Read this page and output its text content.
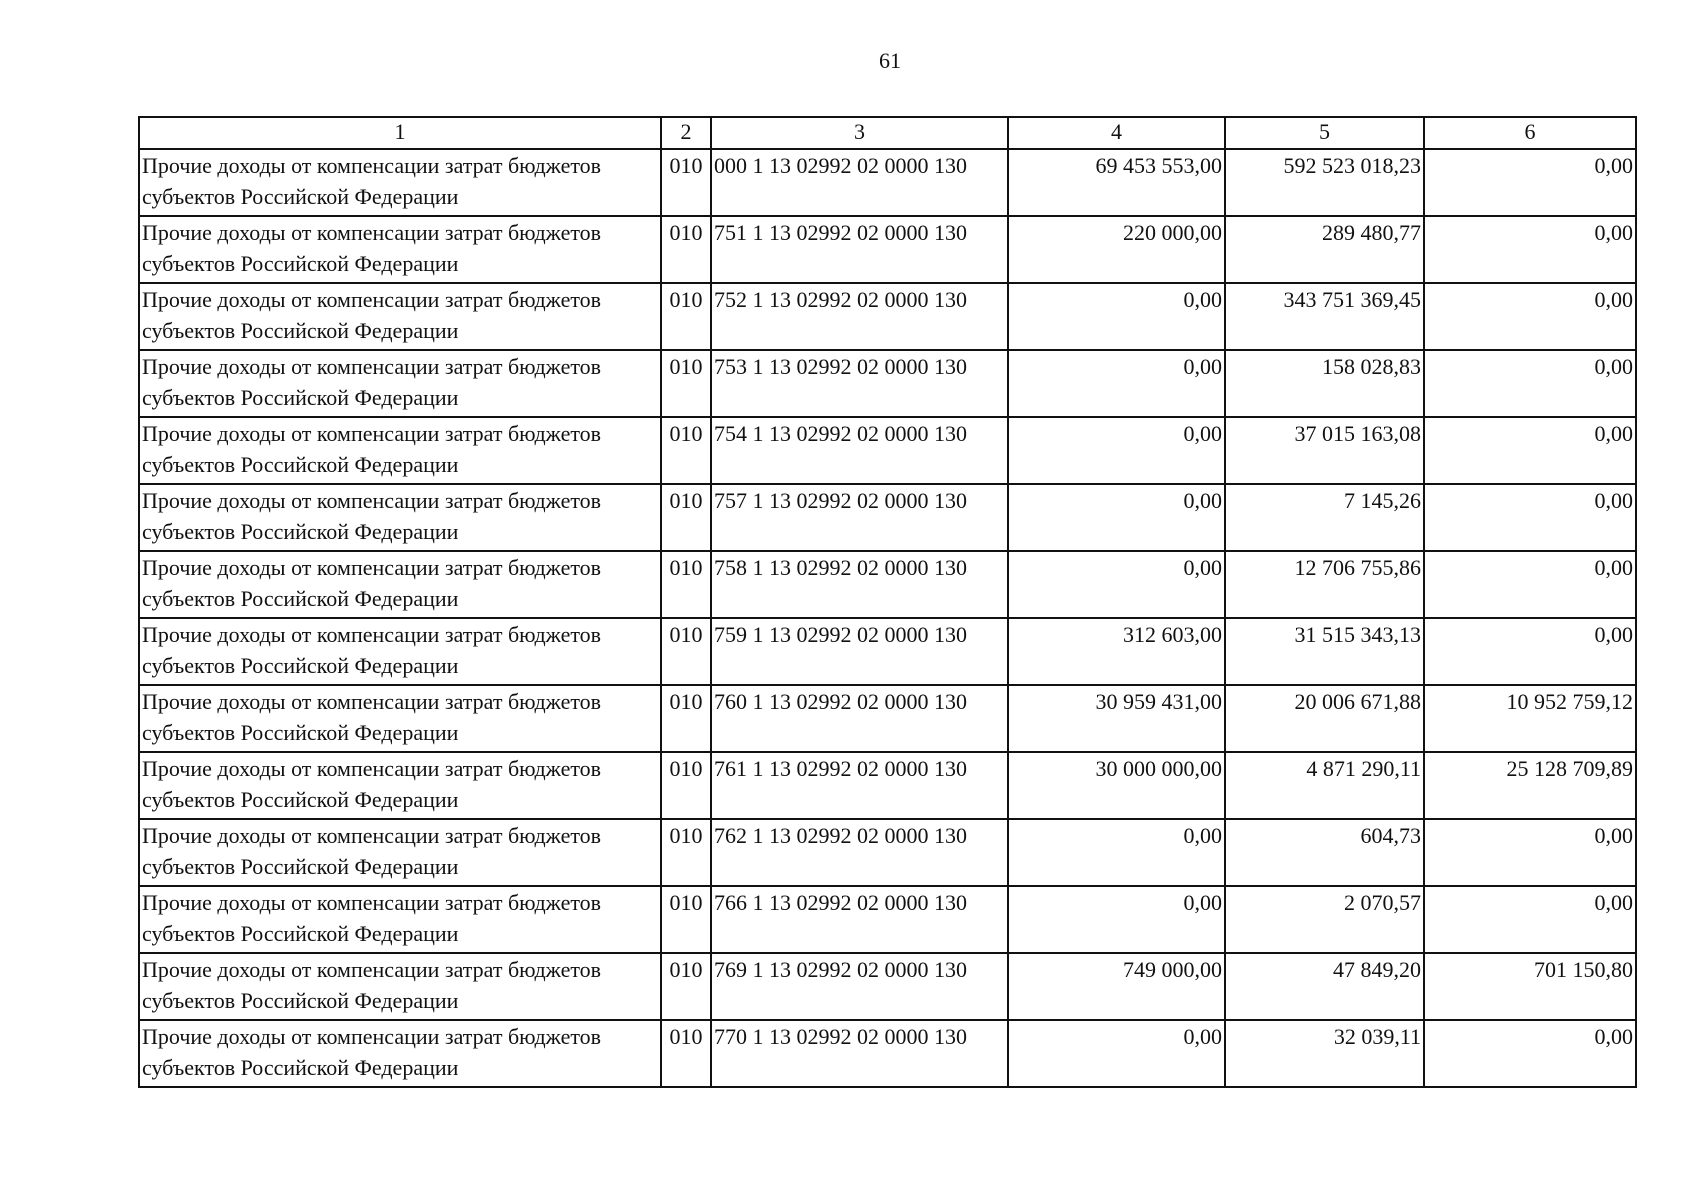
61
1	2	3	4	5	6
Прочие доходы от компенсации затрат бюджетов субъектов Российской Федерации	010	000 1 13 02992 02 0000 130	69 453 553,00	592 523 018,23	0,00
Прочие доходы от компенсации затрат бюджетов субъектов Российской Федерации	010	751 1 13 02992 02 0000 130	220 000,00	289 480,77	0,00
Прочие доходы от компенсации затрат бюджетов субъектов Российской Федерации	010	752 1 13 02992 02 0000 130	0,00	343 751 369,45	0,00
Прочие доходы от компенсации затрат бюджетов субъектов Российской Федерации	010	753 1 13 02992 02 0000 130	0,00	158 028,83	0,00
Прочие доходы от компенсации затрат бюджетов субъектов Российской Федерации	010	754 1 13 02992 02 0000 130	0,00	37 015 163,08	0,00
Прочие доходы от компенсации затрат бюджетов субъектов Российской Федерации	010	757 1 13 02992 02 0000 130	0,00	7 145,26	0,00
Прочие доходы от компенсации затрат бюджетов субъектов Российской Федерации	010	758 1 13 02992 02 0000 130	0,00	12 706 755,86	0,00
Прочие доходы от компенсации затрат бюджетов субъектов Российской Федерации	010	759 1 13 02992 02 0000 130	312 603,00	31 515 343,13	0,00
Прочие доходы от компенсации затрат бюджетов субъектов Российской Федерации	010	760 1 13 02992 02 0000 130	30 959 431,00	20 006 671,88	10 952 759,12
Прочие доходы от компенсации затрат бюджетов субъектов Российской Федерации	010	761 1 13 02992 02 0000 130	30 000 000,00	4 871 290,11	25 128 709,89
Прочие доходы от компенсации затрат бюджетов субъектов Российской Федерации	010	762 1 13 02992 02 0000 130	0,00	604,73	0,00
Прочие доходы от компенсации затрат бюджетов субъектов Российской Федерации	010	766 1 13 02992 02 0000 130	0,00	2 070,57	0,00
Прочие доходы от компенсации затрат бюджетов субъектов Российской Федерации	010	769 1 13 02992 02 0000 130	749 000,00	47 849,20	701 150,80
Прочие доходы от компенсации затрат бюджетов субъектов Российской Федерации	010	770 1 13 02992 02 0000 130	0,00	32 039,11	0,00
